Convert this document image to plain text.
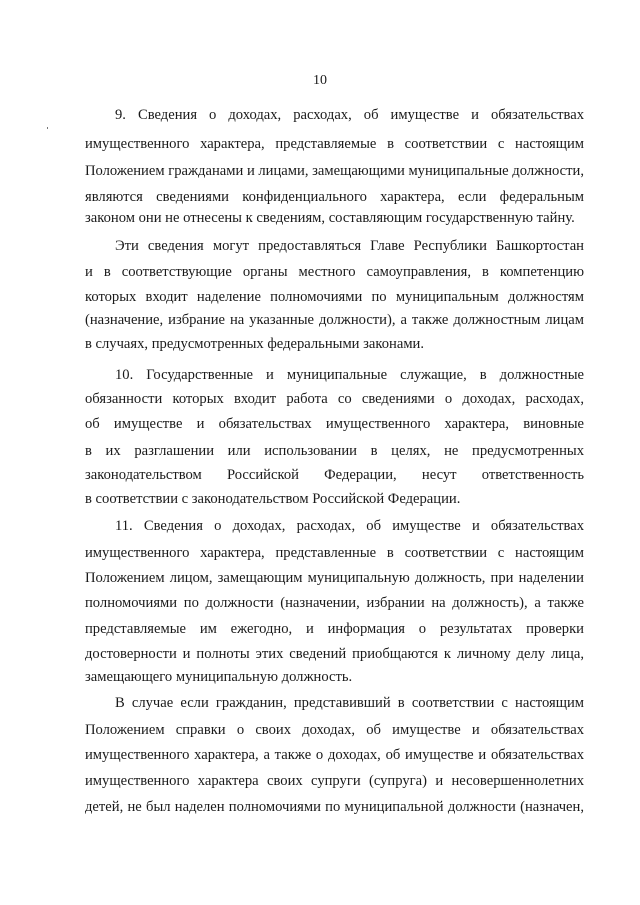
10
9. Сведения о доходах, расходах, об имуществе и обязательствах
имущественного характера, представляемые в соответствии с настоящим
Положением гражданами и лицами, замещающими муниципальные должности,
являются сведениями конфиденциального характера, если федеральным
законом они не отнесены к сведениям, составляющим государственную тайну.
Эти сведения могут предоставляться Главе Республики Башкортостан
и в соответствующие органы местного самоуправления, в компетенцию
которых входит наделение полномочиями по муниципальным должностям
(назначение, избрание на указанные должности), а также должностным лицам
в случаях, предусмотренных федеральными законами.
10. Государственные и муниципальные служащие, в должностные
обязанности которых входит работа со сведениями о доходах, расходах,
об имуществе и обязательствах имущественного характера, виновные
в их разглашении или использовании в целях, не предусмотренных
законодательством Российской Федерации, несут ответственность
в соответствии с законодательством Российской Федерации.
11. Сведения о доходах, расходах, об имуществе и обязательствах
имущественного характера, представленные в соответствии с настоящим
Положением лицом, замещающим муниципальную должность, при наделении
полномочиями по должности (назначении, избрании на должность), а также
представляемые им ежегодно, и информация о результатах проверки
достоверности и полноты этих сведений приобщаются к личному делу лица,
замещающего муниципальную должность.
В случае если гражданин, представивший в соответствии с настоящим
Положением справки о своих доходах, об имуществе и обязательствах
имущественного характера, а также о доходах, об имуществе и обязательствах
имущественного характера своих супруги (супруга) и несовершеннолетних
детей, не был наделен полномочиями по муниципальной должности (назначен,
